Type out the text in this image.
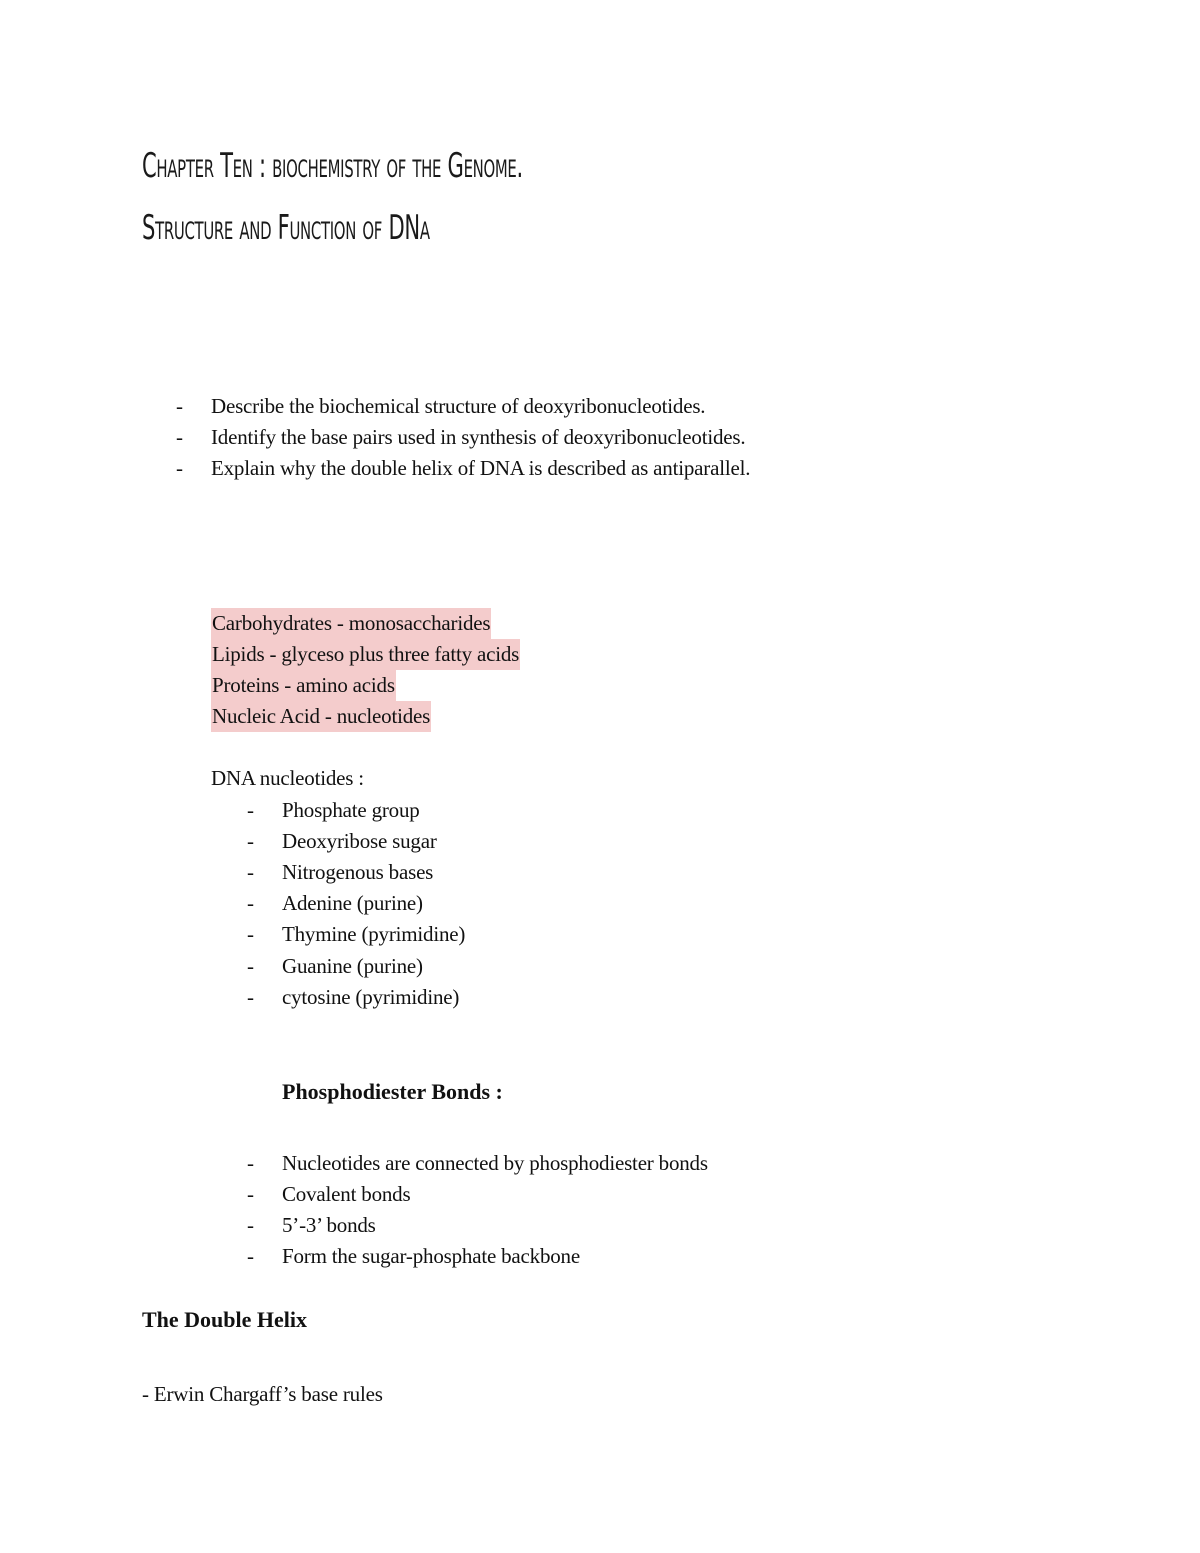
Chapter Ten : biochemistry of the Genome.
Structure and Function of DNa
- Describe the biochemical structure of deoxyribonucleotides.
- Identify the base pairs used in synthesis of deoxyribonucleotides.
- Explain why the double helix of DNA is described as antiparallel.
Carbohydrates - monosaccharides
Lipids - glyceso plus three fatty acids
Proteins - amino acids
Nucleic Acid - nucleotides
DNA nucleotides :
- Phosphate group
- Deoxyribose sugar
- Nitrogenous bases
- Adenine (purine)
- Thymine (pyrimidine)
- Guanine (purine)
- cytosine (pyrimidine)
Phosphodiester Bonds :
- Nucleotides are connected by phosphodiester bonds
- Covalent bonds
- 5’-3’ bonds
- Form the sugar-phosphate backbone
The Double Helix
- Erwin Chargaff’s base rules
